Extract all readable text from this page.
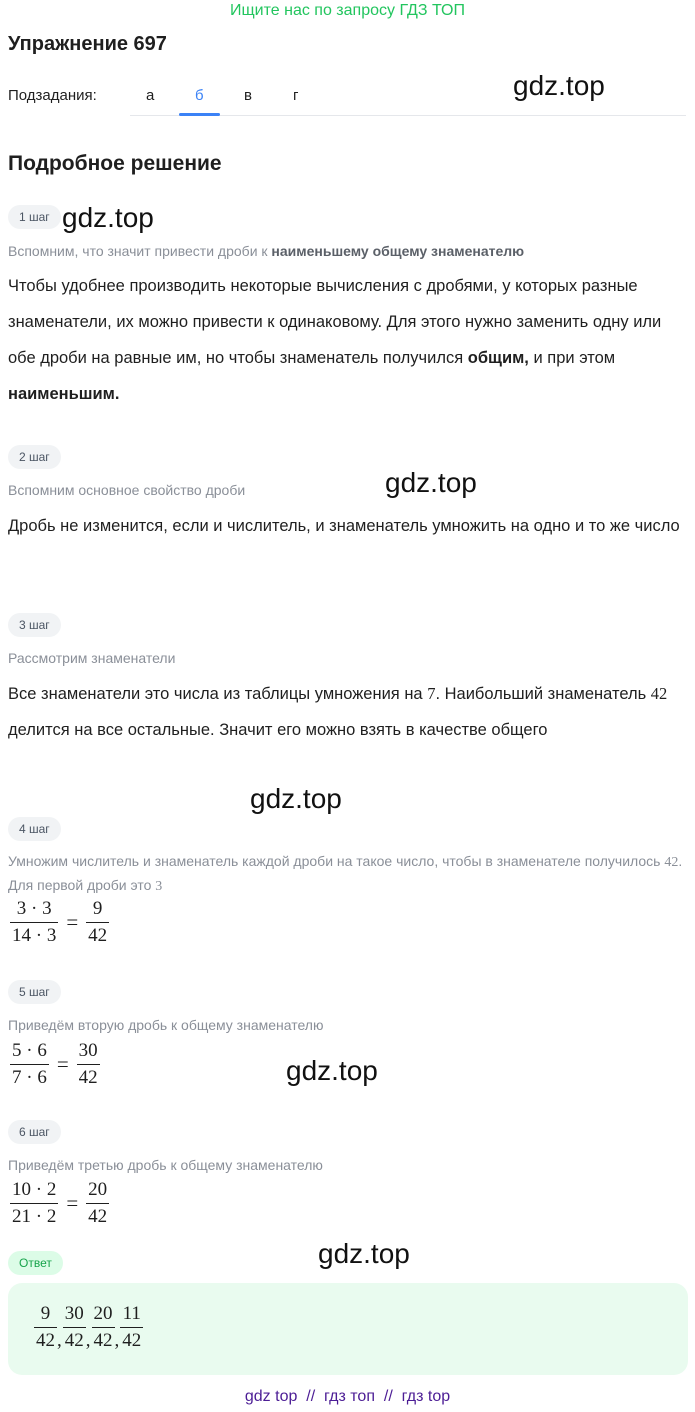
Ищите нас по запросу ГДЗ ТОП
Упражнение 697
Подзадания:	а	б	в	г	gdz.top
Подробное решение
1 шаг gdz.top
Вспомним, что значит привести дроби к наименьшему общему знаменателю
Чтобы удобнее производить некоторые вычисления с дробями, у которых разные знаменатели, их можно привести к одинаковому. Для этого нужно заменить одну или обе дроби на равные им, но чтобы знаменатель получился общим, и при этом наименьшим.
2 шаг
gdz.top
Вспомним основное свойство дроби
Дробь не изменится, если и числитель, и знаменатель умножить на одно и то же число
3 шаг
Рассмотрим знаменатели
Все знаменатели это числа из таблицы умножения на 7. Наибольший знаменатель 42 делится на все остальные. Значит его можно взять в качестве общего
gdz.top
4 шаг
Умножим числитель и знаменатель каждой дроби на такое число, чтобы в знаменателе получилось 42. Для первой дроби это 3
$\frac{3 \cdot 3}{14 \cdot 3} = \frac{9}{42}$
5 шаг
Приведём вторую дробь к общему знаменателю
$\frac{5 \cdot 6}{7 \cdot 6} = \frac{30}{42}$	gdz.top
6 шаг
Приведём третью дробь к общему знаменателю
$\frac{10 \cdot 2}{21 \cdot 2} = \frac{20}{42}$
Ответ	gdz.top
$\frac{9}{42}$ , $\frac{30}{42}$ , $\frac{20}{42}$ , $\frac{11}{42}$
gdz top  //  гдз топ  //  гдз top
